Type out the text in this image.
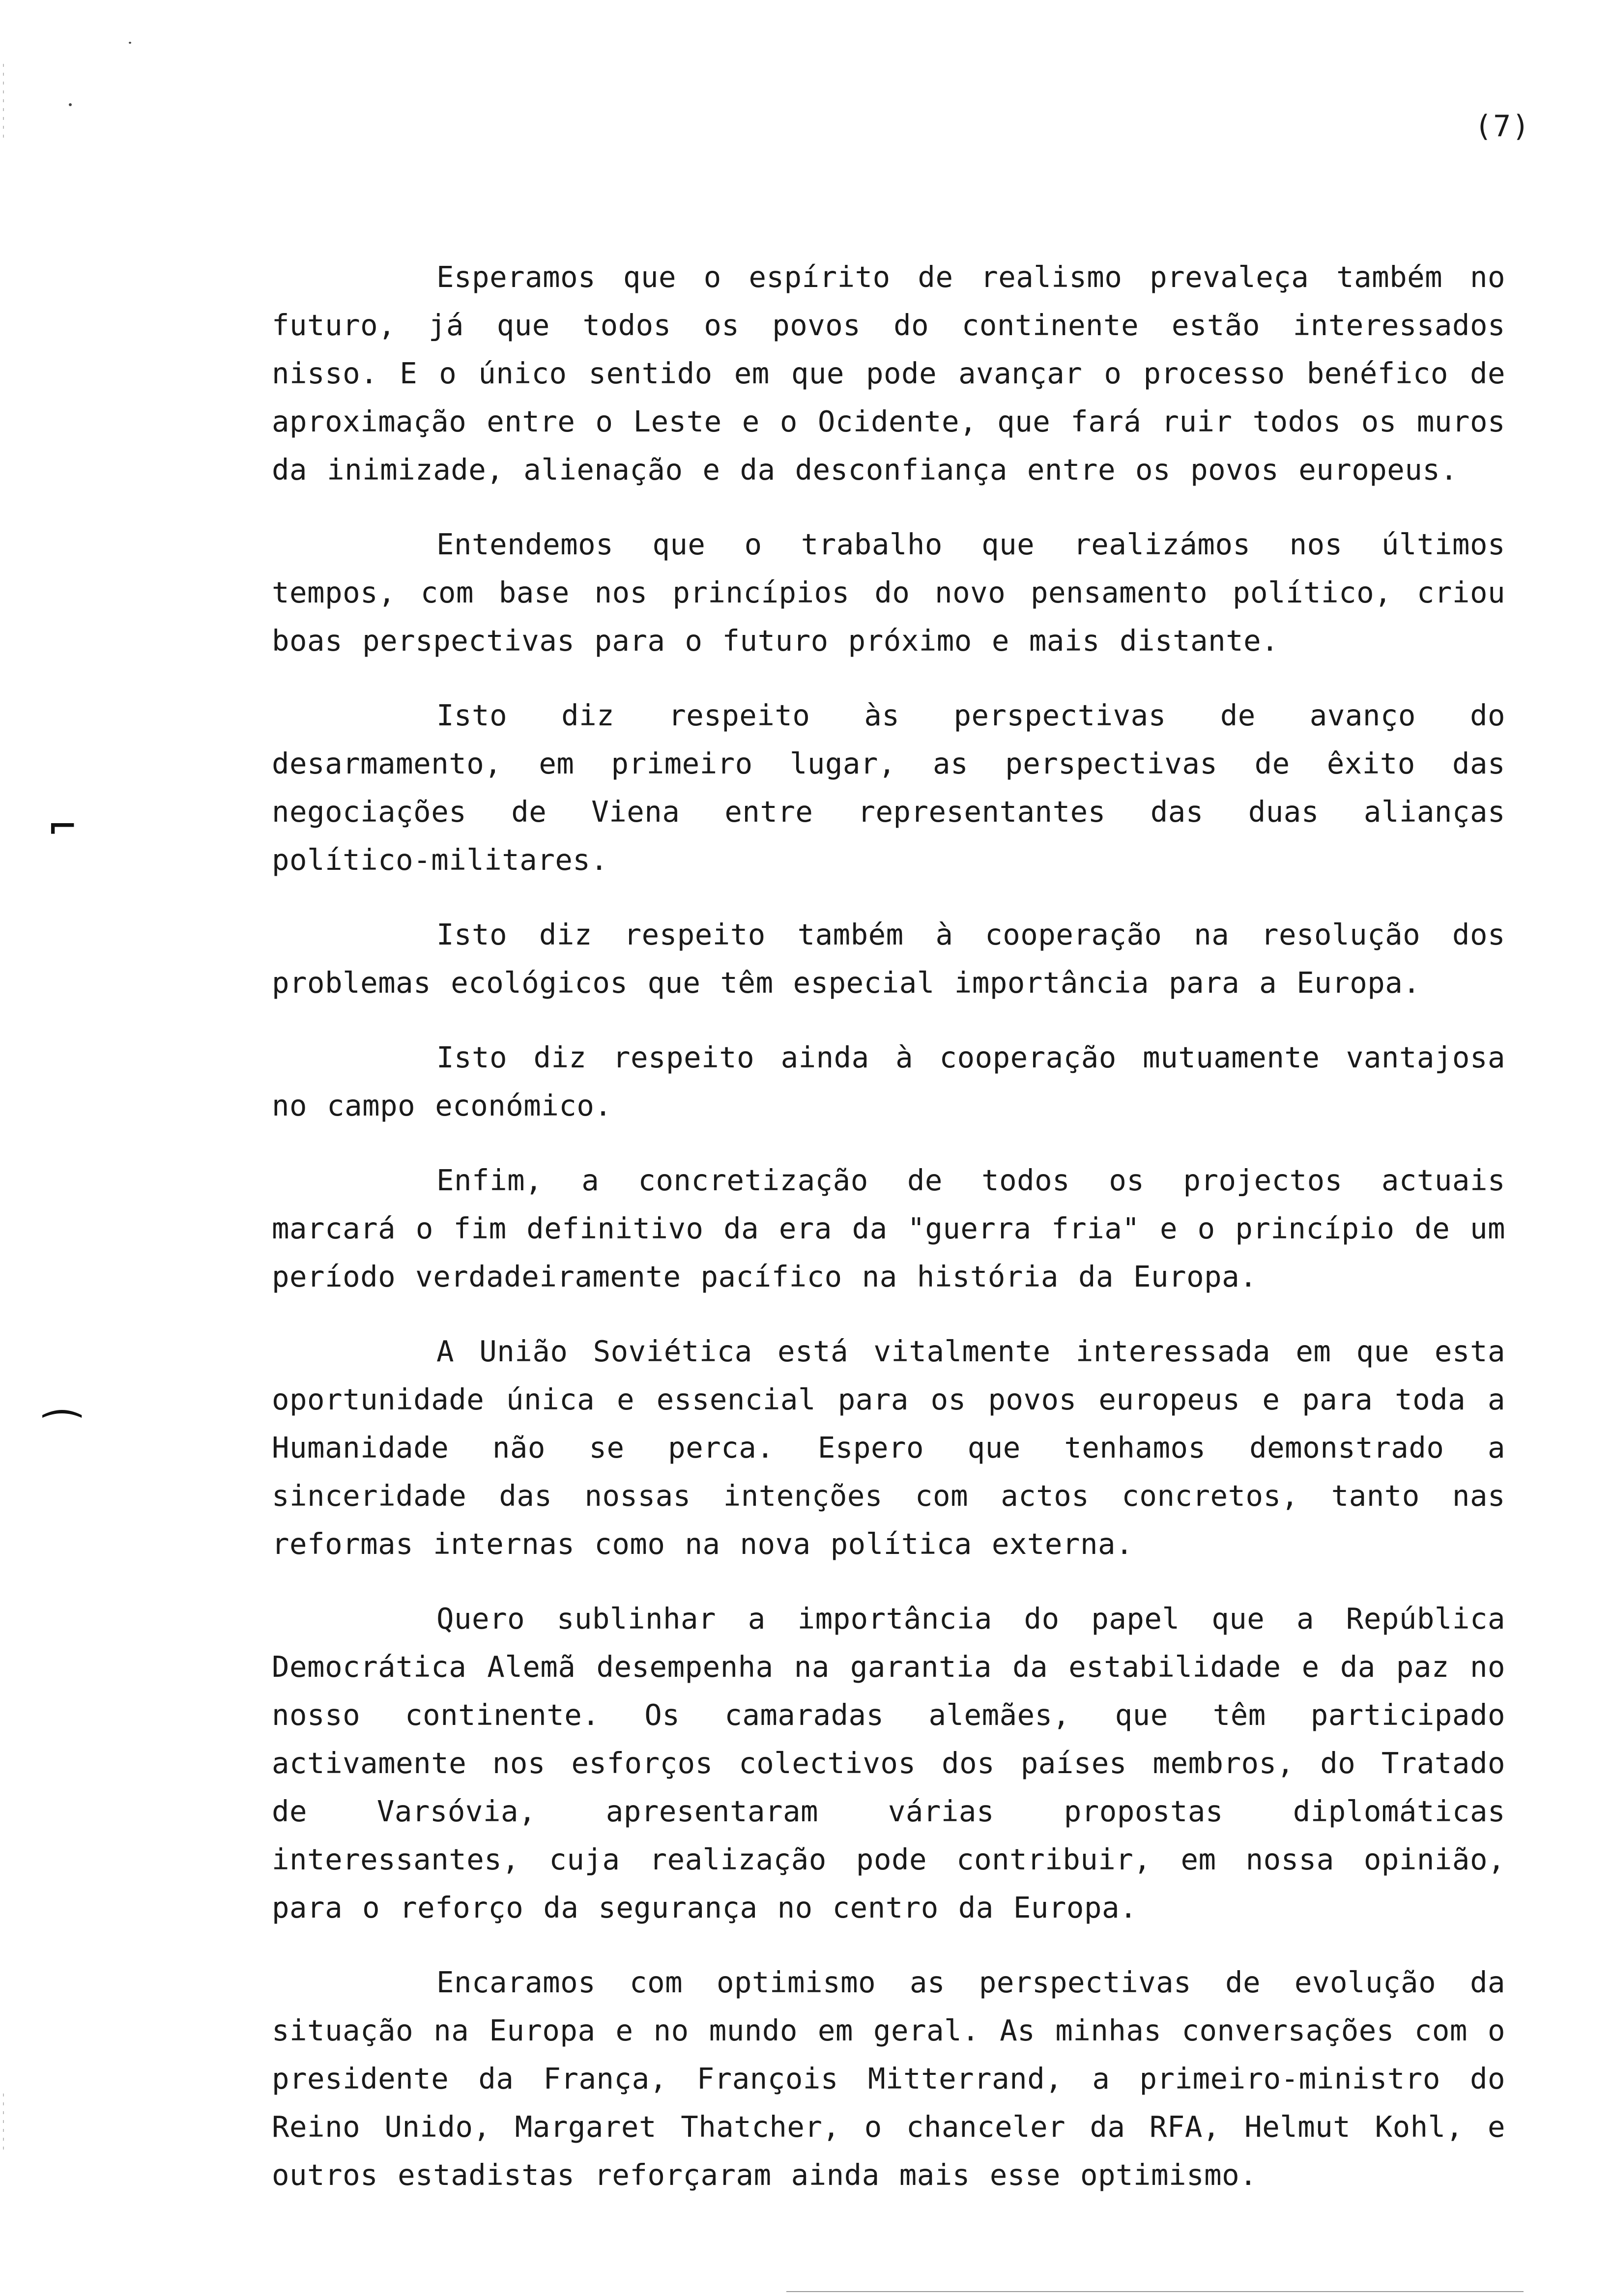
(7)
⌐
⁀

Esperamos que o espírito de realismo prevaleça também no futuro, já que todos os povos do continente estão interessados nisso. E o único sentido em que pode avançar o processo benéfico de aproximação entre o Leste e o Ocidente, que fará ruir todos os muros da inimizade, alienação e da desconfiança entre os povos europeus.

Entendemos que o trabalho que realizámos nos últimos tempos, com base nos princípios do novo pensamento político, criou boas perspectivas para o futuro próximo e mais distante.

Isto diz respeito às perspectivas de avanço do desarmamento, em primeiro lugar, as perspectivas de êxito das negociações de Viena entre representantes das duas alianças político-militares.

Isto diz respeito também à cooperação na resolução dos problemas ecológicos que têm especial importância para a Europa.

Isto diz respeito ainda à cooperação mutuamente vantajosa no campo económico.

Enfim, a concretização de todos os projectos actuais marcará o fim definitivo da era da "guerra fria" e o princípio de um período verdadeiramente pacífico na história da Europa.

A União Soviética está vitalmente interessada em que esta oportunidade única e essencial para os povos europeus e para toda a Humanidade não se perca. Espero que tenhamos demonstrado a sinceridade das nossas intenções com actos concretos, tanto nas reformas internas como na nova política externa.

Quero sublinhar a importância do papel que a República Democrática Alemã desempenha na garantia da estabilidade e da paz no nosso continente. Os camaradas alemães, que têm participado activamente nos esforços colectivos dos países membros, do Tratado de Varsóvia, apresentaram várias propostas diplomáticas interessantes, cuja realização pode contribuir, em nossa opinião, para o reforço da segurança no centro da Europa.

Encaramos com optimismo as perspectivas de evolução da situação na Europa e no mundo em geral. As minhas conversações com o presidente da França, François Mitterrand, a primeiro-ministro do Reino Unido, Margaret Thatcher, o chanceler da RFA, Helmut Kohl, e outros estadistas reforçaram ainda mais esse optimismo.
